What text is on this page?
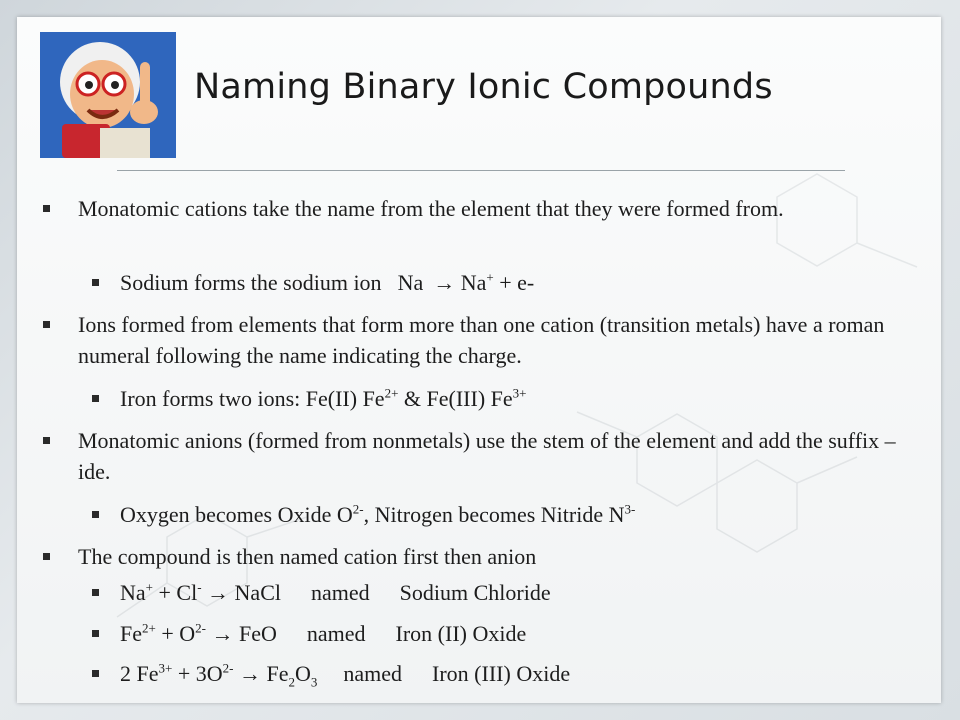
Naming Binary Ionic Compounds
Monatomic cations take the name from the element that they were formed from.
Sodium forms the sodium ion Na → Na+ + e-
Ions formed from elements that form more than one cation (transition metals) have a roman numeral following the name indicating the charge.
Iron forms two ions: Fe(II) $Fe^{2+}$ & Fe(III) $Fe^{3+}$
Monatomic anions (formed from nonmetals) use the stem of the element and add the suffix –ide.
Oxygen becomes Oxide $O^{2-}$, Nitrogen becomes Nitride $N^{3-}$
The compound is then named cation first then anion
Na+ + Cl- → NaCl named Sodium Chloride
$Fe^{2+} + O^{2-}$ → FeO named Iron (II) Oxide
2 $Fe^{3+} + 3O^{2-} \to Fe_2O_3$ named Iron (III) Oxide
